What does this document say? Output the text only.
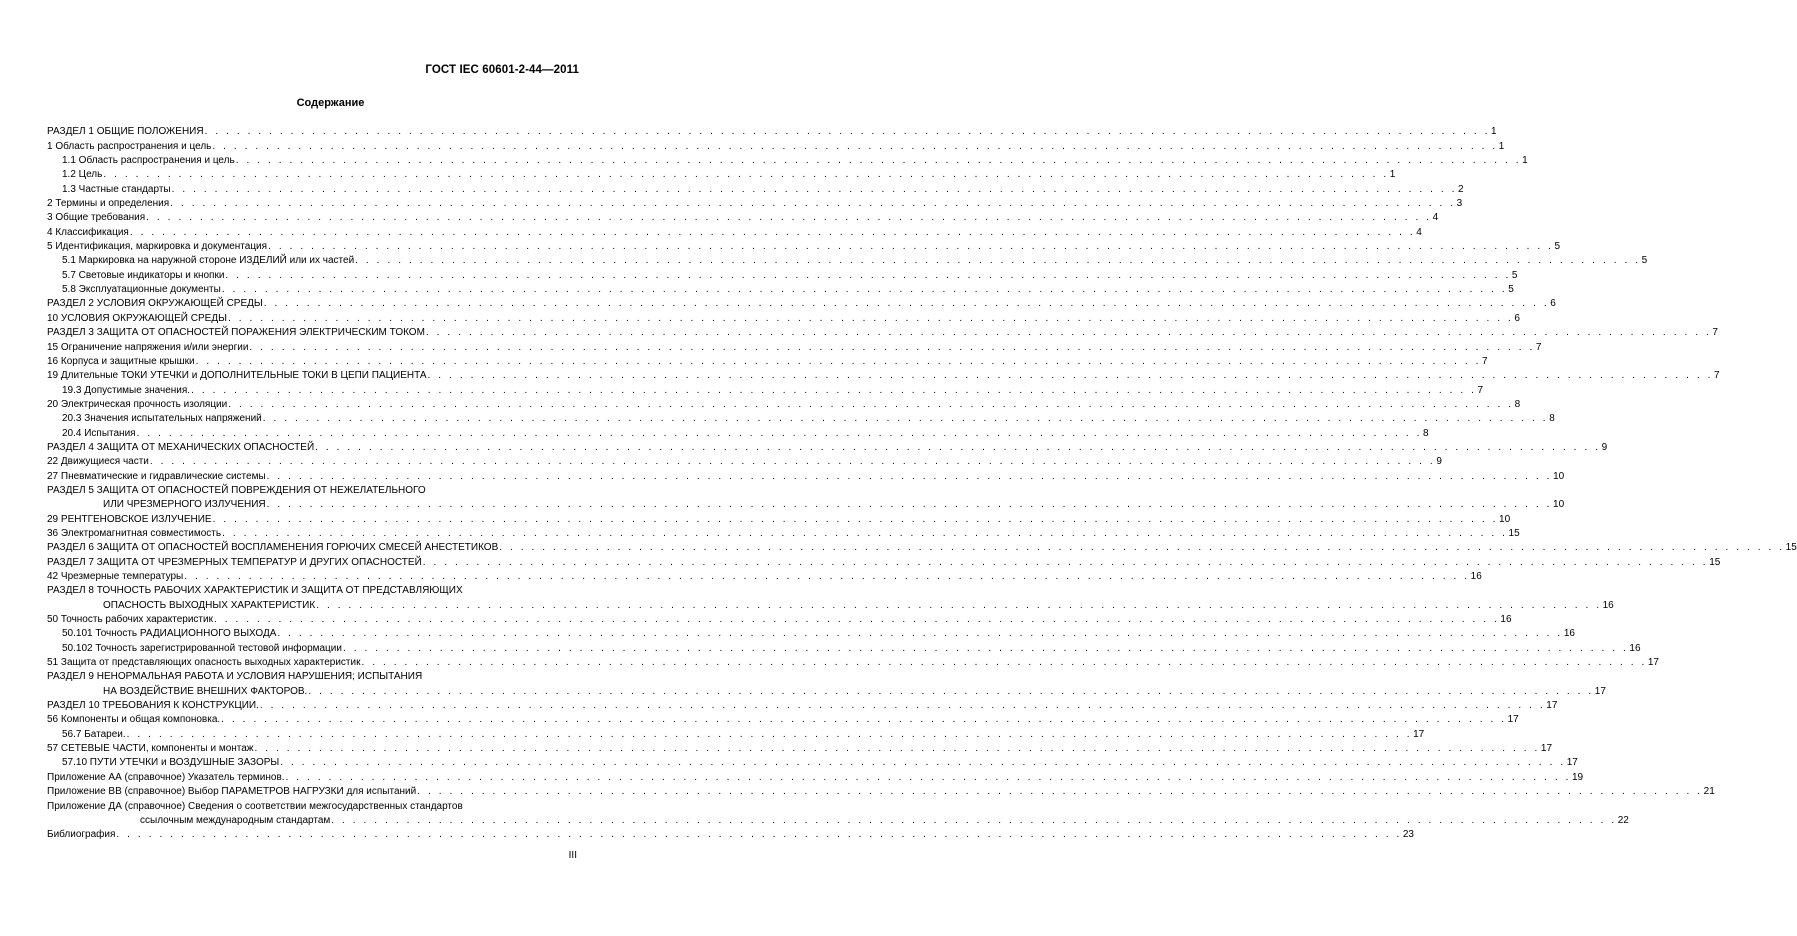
ГОСТ IEC 60601-2-44—2011
Содержание
РАЗДЕЛ 1 ОБЩИЕ ПОЛОЖЕНИЯ . . . . . . . . . . . . . . . . . . . . . . . . . . . . . . . . . . . . . . . . . . . . . . . . . . . . . . . . . . . . . . . . . . . . . . . . . . . . . . . . . . . . . . . . . . . . . . . . . . . . . . . . . . . . . . . . . . . . . . . . 1
1 Область распространения и цель . . . . . . . . . . . . . . . . . . . . . . . . . . . . . . . . . . . . . . . . . . . . . . . . . . . . . . . . . . . . . . . . . . . . . . . . . . . . . . . . . . . . . . . . . . . . . . . . . . . . . . . . . . . . . . . . . . . . . . . . 1
1.1 Область распространения и цель . . . . . . . . . . . . . . . . . . . . . . . . . . . . . . . . . . . . . . . . . . . . . . . . . . . . . . . . . . . . . . . . . . . . . . . . . . . . . . . . . . . . . . . . . . . . . . . . . . . . . . . . . . . . . . . . . . . . . . . . 1
1.2 Цель . . . . . . . . . . . . . . . . . . . . . . . . . . . . . . . . . . . . . . . . . . . . . . . . . . . . . . . . . . . . . . . . . . . . . . . . . . . . . . . . . . . . . . . . . . . . . . . . . . . . . . . . . . . . . . . . . . . . . . . . 1
1.3 Частные стандарты . . . . . . . . . . . . . . . . . . . . . . . . . . . . . . . . . . . . . . . . . . . . . . . . . . . . . . . . . . . . . . . . . . . . . . . . . . . . . . . . . . . . . . . . . . . . . . . . . . . . . . . . . . . . . . . . . . . . . . . . 2
2 Термины и определения . . . . . . . . . . . . . . . . . . . . . . . . . . . . . . . . . . . . . . . . . . . . . . . . . . . . . . . . . . . . . . . . . . . . . . . . . . . . . . . . . . . . . . . . . . . . . . . . . . . . . . . . . . . . . . . . . . . . . . . . 3
3 Общие требования . . . . . . . . . . . . . . . . . . . . . . . . . . . . . . . . . . . . . . . . . . . . . . . . . . . . . . . . . . . . . . . . . . . . . . . . . . . . . . . . . . . . . . . . . . . . . . . . . . . . . . . . . . . . . . . . . . . . . . . . 4
4 Классификация . . . . . . . . . . . . . . . . . . . . . . . . . . . . . . . . . . . . . . . . . . . . . . . . . . . . . . . . . . . . . . . . . . . . . . . . . . . . . . . . . . . . . . . . . . . . . . . . . . . . . . . . . . . . . . . . . . . . . . . . 4
5 Идентификация, маркировка и документация . . . . . . . . . . . . . . . . . . . . . . . . . . . . . . . . . . . . . . . . . . . . . . . . . . . . . . . . . . . . . . . . . . . . . . . . . . . . . . . . . . . . . . . . . . . . . . . . . . . . . . . . . . . . . . . . . . . . . . . . 5
5.1 Маркировка на наружной стороне ИЗДЕЛИЙ или их частей . . . . . . . . . . . . . . . . . . . . . . . . . . . . . . . . . . . . . . . . . . . . . . . . . . . . . . . . . . . . . . . . . . . . . . . . . . . . . . . . . . . . . . . . . . . . . . . . . . . . . . . . . . . . . . . . . . . . . . . . 5
5.7 Световые индикаторы и кнопки . . . . . . . . . . . . . . . . . . . . . . . . . . . . . . . . . . . . . . . . . . . . . . . . . . . . . . . . . . . . . . . . . . . . . . . . . . . . . . . . . . . . . . . . . . . . . . . . . . . . . . . . . . . . . . . . . . . . . . . . 5
5.8 Эксплуатационные документы . . . . . . . . . . . . . . . . . . . . . . . . . . . . . . . . . . . . . . . . . . . . . . . . . . . . . . . . . . . . . . . . . . . . . . . . . . . . . . . . . . . . . . . . . . . . . . . . . . . . . . . . . . . . . . . . . . . . . . . . 5
РАЗДЕЛ 2 УСЛОВИЯ ОКРУЖАЮЩЕЙ СРЕДЫ . . . . . . . . . . . . . . . . . . . . . . . . . . . . . . . . . . . . . . . . . . . . . . . . . . . . . . . . . . . . . . . . . . . . . . . . . . . . . . . . . . . . . . . . . . . . . . . . . . . . . . . . . . . . . . . . . . . . . . . . 6
10 УСЛОВИЯ ОКРУЖАЮЩЕЙ СРЕДЫ . . . . . . . . . . . . . . . . . . . . . . . . . . . . . . . . . . . . . . . . . . . . . . . . . . . . . . . . . . . . . . . . . . . . . . . . . . . . . . . . . . . . . . . . . . . . . . . . . . . . . . . . . . . . . . . . . . . . . . . . 6
РАЗДЕЛ 3 ЗАЩИТА ОТ ОПАСНОСТЕЙ ПОРАЖЕНИЯ ЭЛЕКТРИЧЕСКИМ ТОКОМ . . . . . . . . . . . . . . . . . . . . . . . . . . . . . . . . . . . . . . . . . . . . . . . . . . . . . . . . . . . . . . . . . . . . . . . . . . . . . . . . . . . . . . . . . . . . . . . . . . . . . . . . . . . . . . . . . . . . . . . . 7
15 Ограничение напряжения и/или энергии . . . . . . . . . . . . . . . . . . . . . . . . . . . . . . . . . . . . . . . . . . . . . . . . . . . . . . . . . . . . . . . . . . . . . . . . . . . . . . . . . . . . . . . . . . . . . . . . . . . . . . . . . . . . . . . . . . . . . . . . 7
16 Корпуса и защитные крышки . . . . . . . . . . . . . . . . . . . . . . . . . . . . . . . . . . . . . . . . . . . . . . . . . . . . . . . . . . . . . . . . . . . . . . . . . . . . . . . . . . . . . . . . . . . . . . . . . . . . . . . . . . . . . . . . . . . . . . . . 7
19 Длительные ТОКИ УТЕЧКИ и ДОПОЛНИТЕЛЬНЫЕ ТОКИ В ЦЕПИ ПАЦИЕНТА . . . . . . . . . . . . . . . . . . . . . . . . . . . . . . . . . . . . . . . . . . . . . . . . . . . . . . . . . . . . . . . . . . . . . . . . . . . . . . . . . . . . . . . . . . . . . . . . . . . . . . . . . . . . . . . . . . . . . . . . 7
19.3 Допустимые значения. . . . . . . . . . . . . . . . . . . . . . . . . . . . . . . . . . . . . . . . . . . . . . . . . . . . . . . . . . . . . . . . . . . . . . . . . . . . . . . . . . . . . . . . . . . . . . . . . . . . . . . . . . . . . . . . . . . . . . . . . 7
20 Электрическая прочность изоляции . . . . . . . . . . . . . . . . . . . . . . . . . . . . . . . . . . . . . . . . . . . . . . . . . . . . . . . . . . . . . . . . . . . . . . . . . . . . . . . . . . . . . . . . . . . . . . . . . . . . . . . . . . . . . . . . . . . . . . . . 8
20.3 Значения испытательных напряжений . . . . . . . . . . . . . . . . . . . . . . . . . . . . . . . . . . . . . . . . . . . . . . . . . . . . . . . . . . . . . . . . . . . . . . . . . . . . . . . . . . . . . . . . . . . . . . . . . . . . . . . . . . . . . . . . . . . . . . . . 8
20.4 Испытания . . . . . . . . . . . . . . . . . . . . . . . . . . . . . . . . . . . . . . . . . . . . . . . . . . . . . . . . . . . . . . . . . . . . . . . . . . . . . . . . . . . . . . . . . . . . . . . . . . . . . . . . . . . . . . . . . . . . . . . . 8
РАЗДЕЛ 4 ЗАЩИТА ОТ МЕХАНИЧЕСКИХ ОПАСНОСТЕЙ . . . . . . . . . . . . . . . . . . . . . . . . . . . . . . . . . . . . . . . . . . . . . . . . . . . . . . . . . . . . . . . . . . . . . . . . . . . . . . . . . . . . . . . . . . . . . . . . . . . . . . . . . . . . . . . . . . . . . . . . 9
22 Движущиеся части . . . . . . . . . . . . . . . . . . . . . . . . . . . . . . . . . . . . . . . . . . . . . . . . . . . . . . . . . . . . . . . . . . . . . . . . . . . . . . . . . . . . . . . . . . . . . . . . . . . . . . . . . . . . . . . . . . . . . . . . 9
27 Пневматические и гидравлические системы . . . . . . . . . . . . . . . . . . . . . . . . . . . . . . . . . . . . . . . . . . . . . . . . . . . . . . . . . . . . . . . . . . . . . . . . . . . . . . . . . . . . . . . . . . . . . . . . . . . . . . . . . . . . . . . . . . . . . . . . 10
РАЗДЕЛ 5 ЗАЩИТА ОТ ОПАСНОСТЕЙ ПОВРЕЖДЕНИЯ ОТ НЕЖЕЛАТЕЛЬНОГО
ИЛИ ЧРЕЗМЕРНОГО ИЗЛУЧЕНИЯ . . . . . . . . . . . . . . . . . . . . . . . . . . . . . . . . . . . . . . . . . . . . . . . . . . . . . . . . . . . . . . . . . . . . . . . . . . . . . . . . . . . . . . . . . . . . . . . . . . . . . . . . . . . . . . . . . . . . . . . . 10
29 РЕНТГЕНОВСКОЕ ИЗЛУЧЕНИЕ . . . . . . . . . . . . . . . . . . . . . . . . . . . . . . . . . . . . . . . . . . . . . . . . . . . . . . . . . . . . . . . . . . . . . . . . . . . . . . . . . . . . . . . . . . . . . . . . . . . . . . . . . . . . . . . . . . . . . . . . 10
36 Электромагнитная совместимость . . . . . . . . . . . . . . . . . . . . . . . . . . . . . . . . . . . . . . . . . . . . . . . . . . . . . . . . . . . . . . . . . . . . . . . . . . . . . . . . . . . . . . . . . . . . . . . . . . . . . . . . . . . . . . . . . . . . . . . . 15
РАЗДЕЛ 6 ЗАЩИТА ОТ ОПАСНОСТЕЙ ВОСПЛАМЕНЕНИЯ ГОРЮЧИХ СМЕСЕЙ АНЕСТЕТИКОВ . . . . . . . . . . . . . . . . . . . . . . . . . . . . . . . . . . . . . . . . . . . . . . . . . . . . . . . . . . . . . . . . . . . . . . . . . . . . . . . . . . . . . . . . . . . . . . . . . . . . . . . . . . . . . . . . . . . . . . . . 15
РАЗДЕЛ 7 ЗАЩИТА ОТ ЧРЕЗМЕРНЫХ ТЕМПЕРАТУР И ДРУГИХ ОПАСНОСТЕЙ . . . . . . . . . . . . . . . . . . . . . . . . . . . . . . . . . . . . . . . . . . . . . . . . . . . . . . . . . . . . . . . . . . . . . . . . . . . . . . . . . . . . . . . . . . . . . . . . . . . . . . . . . . . . . . . . . . . . . . . . 15
42 Чрезмерные температуры . . . . . . . . . . . . . . . . . . . . . . . . . . . . . . . . . . . . . . . . . . . . . . . . . . . . . . . . . . . . . . . . . . . . . . . . . . . . . . . . . . . . . . . . . . . . . . . . . . . . . . . . . . . . . . . . . . . . . . . . 16
РАЗДЕЛ 8 ТОЧНОСТЬ РАБОЧИХ ХАРАКТЕРИСТИК И ЗАЩИТА ОТ ПРЕДСТАВЛЯЮЩИХ
ОПАСНОСТЬ ВЫХОДНЫХ ХАРАКТЕРИСТИК . . . . . . . . . . . . . . . . . . . . . . . . . . . . . . . . . . . . . . . . . . . . . . . . . . . . . . . . . . . . . . . . . . . . . . . . . . . . . . . . . . . . . . . . . . . . . . . . . . . . . . . . . . . . . . . . . . . . . . . . 16
50 Точность рабочих характеристик . . . . . . . . . . . . . . . . . . . . . . . . . . . . . . . . . . . . . . . . . . . . . . . . . . . . . . . . . . . . . . . . . . . . . . . . . . . . . . . . . . . . . . . . . . . . . . . . . . . . . . . . . . . . . . . . . . . . . . . . 16
50.101 Точность РАДИАЦИОННОГО ВЫХОДА . . . . . . . . . . . . . . . . . . . . . . . . . . . . . . . . . . . . . . . . . . . . . . . . . . . . . . . . . . . . . . . . . . . . . . . . . . . . . . . . . . . . . . . . . . . . . . . . . . . . . . . . . . . . . . . . . . . . . . . . 16
50.102 Точность зарегистрированной тестовой информации . . . . . . . . . . . . . . . . . . . . . . . . . . . . . . . . . . . . . . . . . . . . . . . . . . . . . . . . . . . . . . . . . . . . . . . . . . . . . . . . . . . . . . . . . . . . . . . . . . . . . . . . . . . . . . . . . . . . . . . . 16
51 Защита от представляющих опасность выходных характеристик . . . . . . . . . . . . . . . . . . . . . . . . . . . . . . . . . . . . . . . . . . . . . . . . . . . . . . . . . . . . . . . . . . . . . . . . . . . . . . . . . . . . . . . . . . . . . . . . . . . . . . . . . . . . . . . . . . . . . . . . 17
РАЗДЕЛ 9 НЕНОРМАЛЬНАЯ РАБОТА И УСЛОВИЯ НАРУШЕНИЯ; ИСПЫТАНИЯ
НА ВОЗДЕЙСТВИЕ ВНЕШНИХ ФАКТОРОВ. . . . . . . . . . . . . . . . . . . . . . . . . . . . . . . . . . . . . . . . . . . . . . . . . . . . . . . . . . . . . . . . . . . . . . . . . . . . . . . . . . . . . . . . . . . . . . . . . . . . . . . . . . . . . . . . . . . . . . . . . 17
РАЗДЕЛ 10 ТРЕБОВАНИЯ К КОНСТРУКЦИИ. . . . . . . . . . . . . . . . . . . . . . . . . . . . . . . . . . . . . . . . . . . . . . . . . . . . . . . . . . . . . . . . . . . . . . . . . . . . . . . . . . . . . . . . . . . . . . . . . . . . . . . . . . . . . . . . . . . . . . . . . 17
56 Компоненты и общая компоновка. . . . . . . . . . . . . . . . . . . . . . . . . . . . . . . . . . . . . . . . . . . . . . . . . . . . . . . . . . . . . . . . . . . . . . . . . . . . . . . . . . . . . . . . . . . . . . . . . . . . . . . . . . . . . . . . . . . . . . . . . 17
56.7 Батареи. . . . . . . . . . . . . . . . . . . . . . . . . . . . . . . . . . . . . . . . . . . . . . . . . . . . . . . . . . . . . . . . . . . . . . . . . . . . . . . . . . . . . . . . . . . . . . . . . . . . . . . . . . . . . . . . . . . . . . . . . 17
57 СЕТЕВЫЕ ЧАСТИ, компоненты и монтаж . . . . . . . . . . . . . . . . . . . . . . . . . . . . . . . . . . . . . . . . . . . . . . . . . . . . . . . . . . . . . . . . . . . . . . . . . . . . . . . . . . . . . . . . . . . . . . . . . . . . . . . . . . . . . . . . . . . . . . . . 17
57.10 ПУТИ УТЕЧКИ и ВОЗДУШНЫЕ ЗАЗОРЫ . . . . . . . . . . . . . . . . . . . . . . . . . . . . . . . . . . . . . . . . . . . . . . . . . . . . . . . . . . . . . . . . . . . . . . . . . . . . . . . . . . . . . . . . . . . . . . . . . . . . . . . . . . . . . . . . . . . . . . . . 17
Приложение АА (справочное) Указатель терминов. . . . . . . . . . . . . . . . . . . . . . . . . . . . . . . . . . . . . . . . . . . . . . . . . . . . . . . . . . . . . . . . . . . . . . . . . . . . . . . . . . . . . . . . . . . . . . . . . . . . . . . . . . . . . . . . . . . . . . . . . 19
Приложение ВВ (справочное) Выбор ПАРАМЕТРОВ НАГРУЗКИ для испытаний . . . . . . . . . . . . . . . . . . . . . . . . . . . . . . . . . . . . . . . . . . . . . . . . . . . . . . . . . . . . . . . . . . . . . . . . . . . . . . . . . . . . . . . . . . . . . . . . . . . . . . . . . . . . . . . . . . . . . . . . 21
Приложение ДА (справочное) Сведения о соответствии межгосударственных стандартов
ссылочным международным стандартам . . . . . . . . . . . . . . . . . . . . . . . . . . . . . . . . . . . . . . . . . . . . . . . . . . . . . . . . . . . . . . . . . . . . . . . . . . . . . . . . . . . . . . . . . . . . . . . . . . . . . . . . . . . . . . . . . . . . . . . . 22
Библиография . . . . . . . . . . . . . . . . . . . . . . . . . . . . . . . . . . . . . . . . . . . . . . . . . . . . . . . . . . . . . . . . . . . . . . . . . . . . . . . . . . . . . . . . . . . . . . . . . . . . . . . . . . . . . . . . . . . . . . . . 23
III
